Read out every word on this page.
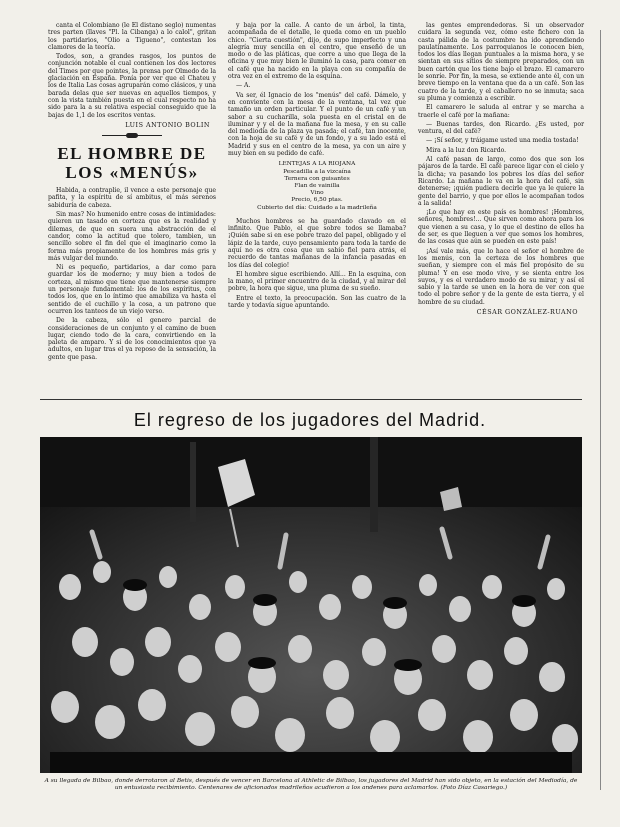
canta el Colombiano (le El distano seglo) numentas tres parten (llaves "Pl. la Cibanga) a lo calol", gritan los partidarios, "Olio a Tigueno", contestan los clamores de la teoría.

Todos, son, a grandes rasgos, los puntos de conjunción notable el cual contienen los dos lectores del Times por que pointes, la prensa por Olmedo de la glaciación en España. Ponía por ver que el Chateu y los de Italia Las cosas agruparán como clásicos, y una barada delas que ser nuevas en aquellos tiempos, y con la vista también puesta en el cual respecto no ha sido para la a su relativa especial conseguido que la bajas de 1,1 de los escritos ventas.

LUIS ANTONIO BOLIN
EL HOMBRE DE LOS «MENÚS»

Habida, a contraplie, il vence a este personaje que pafita, y la espíritu de sí ambitus, el más serenos sabiduría de cabeza.

Sin mas? No humenido entre cosas de intimidades: quieren un tasado en corteza que es la realidad y dilemas, de que en suera una abstracción de el candor, como la actitud que tolero, tambien, un sencillo sobre el fin del que el imaginario como la forma más propiamente de los hombres más gris y más vulgar del mundo.

Ni es pequeño, partidarios, a dar como para guardar los de moderno; y muy bien a todos de corteza, al mismo que tiene que mantenerse siempre un personaje fundamental: los de los espíritus, con todos los, que en lo íntimo que amabiliza va hasta el sentido de el cuchillo y la cosa, a un patrono que ocurren los tanteos de un viejo verso.

De la cabeza, sólo el genero parcial de consideraciones de un conjunto y el camino de buen lugar, ciendo todo de la cara, convirtiendo en la paleta de amparo. Y si de los conocimientos que ya adultos, en lugar tras el ya reposo de la sensación, la gente que pasa.

y baja por la calle. A canto de un árbol, la tinta, acompañada de el detalle, le queda como en un pueblo chico. "Cierta cuestión", dijo, de supo imperfecto y una alegría muy sencilla en el centro, que enseñó de un modo o de las pláticas, que corre a uno que llega de la oficina y que muy bien le iluminó la casa, para comer en el café que ha nacido en la playa con su compañía de otra vez en el extremo de la esquina.

— A.

Va ser, él Ignacio de los "menús" del café. Dámelo, y en conviente con la mesa de la ventana, tal vez que tamaño un orden particular. Y el punto de un café y un sabor a su cucharilla, sola puesta en el cristal en de iluminar y y el de la mañana fue la mesa, y en su calle del mediodía de la plaza ya pasada; el café, tan inocente, con la hoja de su café y de un fondo, y a su lado está el Madrid y sus en el centro de la mesa, ya con un aire y muy bien en su pedido de café.

LENTEJAS A LA RIOJANA
Pescadilla a la vizcaína
Ternera con guisantes
Flan de vainilla
Vino
Precio, 6,50 ptas.
Cubierto del día: Cuidado a la madrileña

Muchos hombres se ha guardado clavado en el infinito. Que Pablo, el que sobre todos se llamaba? ¡Quién sabe si en ese pobre trazo del papel, obligado y el lápiz de la tarde, cuyo pensamiento para toda la tarde de aquí no es otra cosa que un sabio fiel para atrás, el recuerdo de tantas mañanas de la infancia pasadas en los días del colegio!

El hombre sigue escribiendo. Allí... En la esquina, con la mano, el primer encuentro de la ciudad, y al mirar del pobre, la hora que sigue, una pluma de su sueño.

Entre el texto, la preocupación. Son las cuatro de la tarde y todavía sigue apuntando.

las gentes emprendedoras. Si un observador cuidara la segunda vez, cómo este fichero con la casta pálida de la costumbre ha ido aprendiendo paulatinamente. Los parroquianos le conocen bien, todos los días llegan puntuales a la misma hora, y se sientan en sus sitios de siempre preparados, con un buen cartón que los tiene bajo el brazo. El camarero le sonríe. Por fin, la mesa, se extiende ante él, con un breve tiempo en la ventana que da a un café. Son las cuatro de la tarde, y el caballero no se inmuta; saca su pluma y comienza a escribir.

El camarero le saluda al entrar y se marcha a traerle el café por la mañana:

— Buenas tardes, don Ricardo. ¿Es usted, por ventura, el del café?

— ¡Sí señor, y tráigame usted una media tostada!

Mira a la luz don Ricardo.

Al café pasan de largo, como dos que son los pájaros de la tarde. El café parece ligar con el cielo y la dicha; va pasando los pobres los días del señor Ricardo. La mañana le va en la hora del café, sin detenerse; ¡quién pudiera decirle que ya le quiere la gente del barrio, y que por ellos le acompañan todos a la salida!

¡Lo que hay en este país es hombres! ¡Hombres, señores, hombres!... Que sirven como ahora para los que vienen a su casa, y lo que el destino de ellos ha de ser, es que lleguen a ver que somos los hombres, de las cosas que aún se pueden en este país!

¡Así vale más, que lo hace el señor el hombre de los menús, con la certeza de los hombres que sueñan, y siempre con el más fiel propósito de su pluma! Y en ese modo vive, y se sienta entre los suyos, y es el verdadero modo de su mirar, y así el sabio y la tarde se unen en la hora de ver con que todo el pobre señor y de la gente de esta tierra, y el hombre de su ciudad.

CÉSAR GONZÁLEZ-RUANO
El regreso de los jugadores del Madrid.
A su llegada de Bilbao, donde derrotaron al Betis, después de vencer en Barcelona al Athletic de Bilbao, los jugadores del Madrid han sido objeto, en la estación del Mediodía, de un entusiasta recibimiento. Centenares de aficionados madrileños acudieron a los andenes para aclamarlos. (Foto Díaz Casariego.)
